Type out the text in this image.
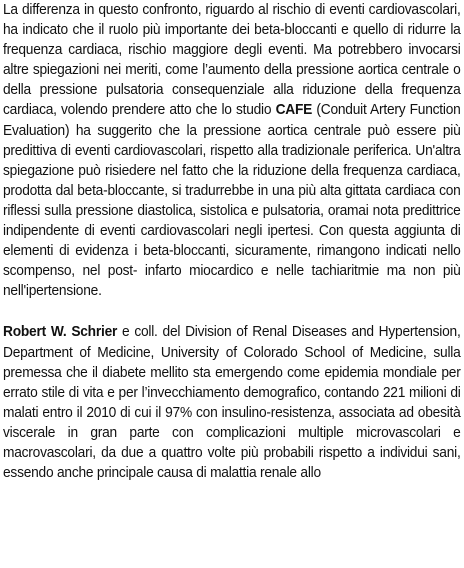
La differenza in questo confronto, riguardo al rischio di eventi cardiovascolari, ha indicato che il ruolo più importante dei beta-bloccanti e quello di ridurre la frequenza cardiaca, rischio maggiore degli eventi. Ma potrebbero invocarsi altre spiegazioni nei meriti, come l’aumento della pressione aortica centrale o della pressione pulsatoria consequenziale alla riduzione della frequenza cardiaca, volendo prendere atto che lo studio CAFE (Conduit Artery Function Evaluation) ha suggerito che la pressione aortica centrale può essere più predittiva di eventi cardiovascolari, rispetto alla tradizionale periferica. Un'altra spiegazione può risiedere nel fatto che la riduzione della frequenza cardiaca, prodotta dal beta-bloccante, si tradurrebbe in una più alta gittata cardiaca con riflessi sulla pressione diastolica, sistolica e pulsatoria, oramai nota predittrice indipendente di eventi cardiovascolari negli ipertesi. Con questa aggiunta di elementi di evidenza i beta-bloccanti, sicuramente, rimangono indicati nello scompenso, nel post- infarto miocardico e nelle tachiaritmie ma non più nell'ipertensione.

Robert W. Schrier e coll. del Division of Renal Diseases and Hypertension, Department of Medicine, University of Colorado School of Medicine, sulla premessa che il diabete mellito sta emergendo come epidemia mondiale per errato stile di vita e per l’invecchiamento demografico, contando 221 milioni di malati entro il 2010 di cui il 97% con insulino-resistenza, associata ad obesità viscerale in gran parte con complicazioni multiple microvascolari e macrovascolari, da due a quattro volte più probabili rispetto a individui sani, essendo anche principale causa di malattia renale allo
